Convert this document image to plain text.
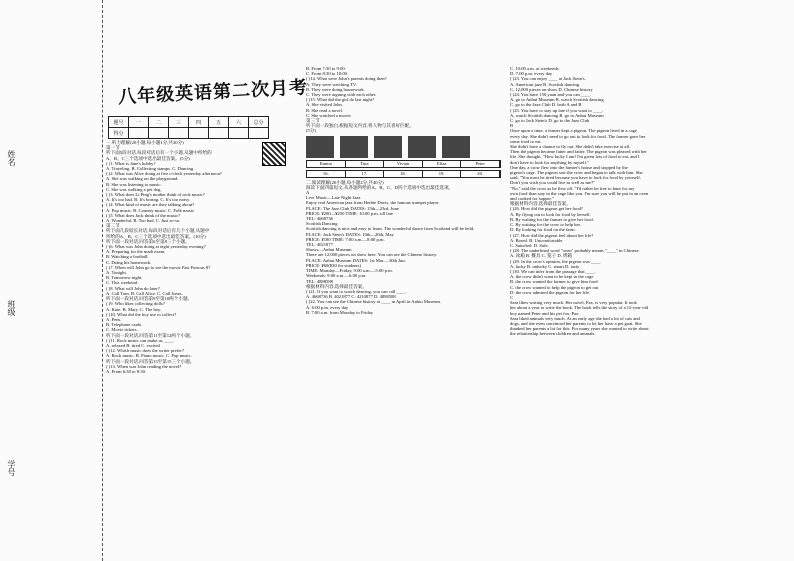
姓名
班级
学号
八年级英语第二次月考
题号	一	二	三	四	五	六	总分
得分							

一.听力理解(20小题,每小题1分,共20分)

第一节

听下面5段对话,每段对话后有一个小题,从题中所给的

A、B、C三个选项中选出最佳答案。(5分)

( )1. What is Jane's hobby?

A. Traveling. B. Collecting stamps. C. Dancing.

( )2. What was Alice doing at five o'clock yesterday afternoon?

A. She was walking on the playground.

B. She was listening to music.

C. She was walking a pet dog.

( )3. What does Li Ping's mother think of rock music?

A. It's too bad. B. It's boring. C. It's too noisy.

( )4. What kind of music are they talking about?

A. Pop music. B. Country music. C. Folk music.

( )5. What does Jack think of the music?

A. Wonderful. B. Too bad. C. Just so-so.

第二节

听下面几段较长对话,每段对话后有几个小题,从题中

所给的A、B、C三个选项中选出最佳答案。(10分)

听下面一段对话,回答第6至第8三个小题。

( )6. What was John doing at eight yesterday evening?

A. Preparing for the math exam.

B. Watching a football.

C. Doing his homework.

( )7. When will John go to see the movie Fast Furious 8?

A. Tonight.

B. Tomorrow night.

C. This weekend.

( )8. What will John do later?

A. Call Tom. B. Call Alice. C. Call Jones.

听下面一段对话,回答第9至第10两个小题。

( )9. Who likes collecting dolls?

A. Kate. B. Mary. C. The boy.

( )10. What did the boy use to collect?

A. Pens.

B. Telephone cards.

C. Movie tickets.

听下面一段对话,回答第11至第12两个小题。

( )11. Rock music can make us ____.

A. relaxed B. tired C. excited

( )12. Which music does the writer prefer?

A. Rock music. B. Piano music. C. Pop music.

听下面一段对话,回答第13至第15三个小题。

( )13. When was John reading the novel?

A. From 6:30 to 8:30.

B. From 7:30 to 9:00.

C. From 8:30 to 10:00.

( )14. What were John's parents doing then?

A. They were watching TV.

B. They were doing housework.

C. They were arguing with each other.

( )15. What did the girl do last night?

A. She visited John.

B. She read a novel.

C. She watched a movie.

第三节

听下面一段独白,根据短文内容,将人物与其喜好匹配。

(5分)

Emma	Tina	Vivian	Eliza	Peter
16.	17.	18.	19.	20.

二.阅读理解(20小题,每小题2分,共40分)

阅读下面四篇短文,从各题所给的A、B、C、D四个选项中选出最佳选项。

A

Live Music—Late Night Jazz

Enjoy real American jazz from Herbie Davis, the famous trumpet player.

PLACE: The Jazz Club DATES: 15th—23rd, June

PRICE: ¥200—¥250 TIME: 10:00 p.m. till late

TEL: 4668736

Scottish Dancing

Scottish dancing is nice and easy to learn. The wonderful dance from Scotland will be held.

PLACE: Jack Stein's DATES: 10th—20th, May

PRICE: ¥180 TIME: 7:00 a.m.—8:00 p.m.

TEL: 4021877

Shows—Anhui Museum

There are 12,000 pieces on show here. You can see the Chinese history.

PLACE: Anhui Museum DATES: 1st Mar.—30th Jun.

PRICE: ¥60(¥30 for students)

TIME: Monday—Friday, 9:00 a.m.—5:00 p.m.

Weekends: 9:00 a.m.—6:00 p.m.

TEL: 4888588

根据材料内容,选择最佳答案。

( )21. If you want to watch dancing, you can call ____.

A. 4668736 B. 4021877 C. 4210877 D. 4888588

( )22. You can see the Chinese history at ____ in April in Anhui Museum.

A. 6:00 p.m. every day

B. 7:00 a.m. from Monday to Friday

C. 10:00 a.m. at weekends

D. 7:00 p.m. every day

( )23. You can enjoy ____ at Jack Stein's.

A. American jazz B. Scottish dancing

C. 12,000 pieces on show D. Chinese history

( )24. You have 150 yuan and you can ____.

A. go to Anhui Museum B. watch Scottish dancing

C. go to the Jazz Club D. both A and B

( )25. You have to stay up late if you want to ____.

A. watch Scottish dancing B. go to Anhui Museum

C. go to Jack Stein's D. go to the Jazz Club

B

Once upon a time, a farmer kept a pigeon. The pigeon lived in a cage

every day. She didn't need to go out to look for food. The farmer gave her

some food to eat.

She didn't have a chance to fly out. She didn't take exercise at all.

Then the pigeon became fatter and fatter. The pigeon was pleased with her

life. She thought, "How lucky I am! I'm given lots of food to eat, and I

don't have to look for anything by myself."

One day, a crow flew into the farmer's house and stopped by the

pigeon's cage. The pigeon saw the crow and began to talk with him. She

said, "You must be tired because you have to look for food by yourself.

Don't you wish you could live as well as me?"

"No," said the crow as he flew off. "I'd rather be free to hunt for my

own food than stay in the cage like you. I'm sure you will be put in an oven

and cooked for supper."

根据材料内容,选择最佳答案。

( )26. How did the pigeon get her food?

A. By flying out to look for food by herself.

B. By waiting for the farmer to give her food.

C. By waiting for the crow to help her.

D. By looking for food on the farm.

( )27. How did the pigeon feel about her life?

A. Bored. B. Uncomfortable.

C. Satisfied. D. Safe.

( )28. The underlined word "oven" probably means "____" in Chinese.

A. 冰箱 B. 餐具 C. 笼子 D. 烤箱

( )29. In the crow's opinion, the pigeon was ____.

A. lucky B. unlucky C. smart D. tasty

( )30. We can infer from the passage that ____.

A. the crow didn't want to be kept in the cage

B. the crow wanted the farmer to give him food

C. the crow wanted to help the pigeon to get out

D. the crow admired the pigeon for her life

C

Sara likes writing very much. Her novel, Pax, is very popular. It took

her about a year to write the book. The book tells the story of a 12-year-old

boy named Peter and his pet fox, Pax.

Sara liked animals very much. At an early age she had a lot of cats and

dogs, and she even convinced her parents to let her have a pet goat. She

thanked her parents a lot for this. For many years she wanted to write about

the relationship between children and animals.
